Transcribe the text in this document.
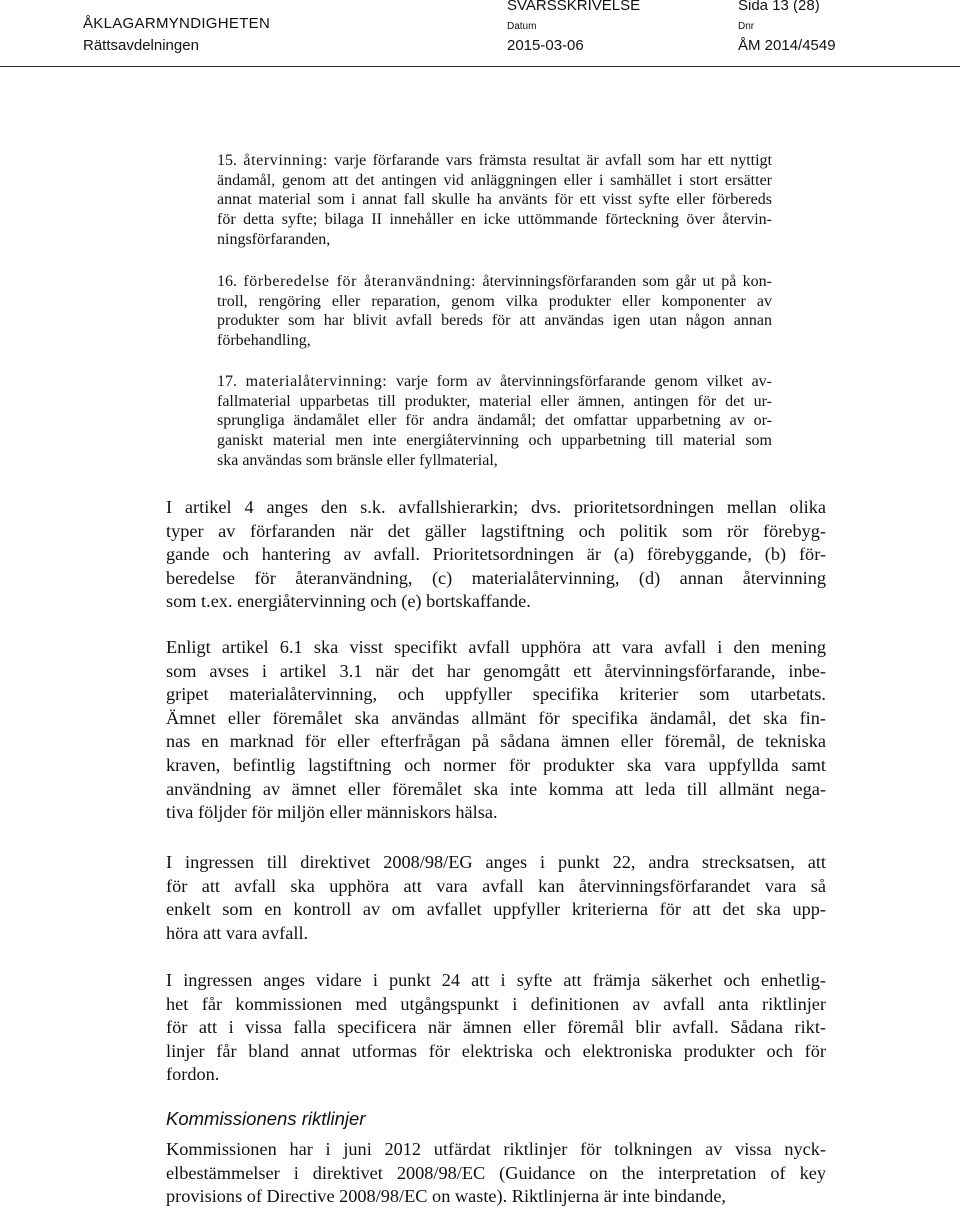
ÅKLAGARMYNDIGHETEN
Rättsavdelningen
SVARSSKRIVELSE	Sida 13 (28)
Datum	Dnr
2015-03-06	ÅM 2014/4549
15. återvinning: varje förfarande vars främsta resultat är avfall som har ett nyttigt
ändamål, genom att det antingen vid anläggningen eller i samhället i stort ersätter
annat material som i annat fall skulle ha använts för ett visst syfte eller förbereds
för detta syfte; bilaga II innehåller en icke uttömmande förteckning över återvin-
ningsförfaranden,
16. förberedelse för återanvändning: återvinningsförfaranden som går ut på kon-
troll, rengöring eller reparation, genom vilka produkter eller komponenter av
produkter som har blivit avfall bereds för att användas igen utan någon annan
förbehandling,
17. materialåtervinning: varje form av återvinningsförfarande genom vilket av-
fallmaterial upparbetas till produkter, material eller ämnen, antingen för det ur-
sprungliga ändamålet eller för andra ändamål; det omfattar upparbetning av or-
ganiskt material men inte energiåtervinning och upparbetning till material som
ska användas som bränsle eller fyllmaterial,
I artikel 4 anges den s.k. avfallshierarkin; dvs. prioritetsordningen mellan olika
typer av förfaranden när det gäller lagstiftning och politik som rör förebyg-
gande och hantering av avfall. Prioritetsordningen är (a) förebyggande, (b) för-
beredelse för återanvändning, (c) materialåtervinning, (d) annan återvinning
som t.ex. energiåtervinning och (e) bortskaffande.
Enligt artikel 6.1 ska visst specifikt avfall upphöra att vara avfall i den mening
som avses i artikel 3.1 när det har genomgått ett återvinningsförfarande, inbe-
gripet materialåtervinning, och uppfyller specifika kriterier som utarbetats.
Ämnet eller föremålet ska användas allmänt för specifika ändamål, det ska fin-
nas en marknad för eller efterfrågan på sådana ämnen eller föremål, de tekniska
kraven, befintlig lagstiftning och normer för produkter ska vara uppfyllda samt
användning av ämnet eller föremålet ska inte komma att leda till allmänt nega-
tiva följder för miljön eller människors hälsa.
I ingressen till direktivet 2008/98/EG anges i punkt 22, andra strecksatsen, att
för att avfall ska upphöra att vara avfall kan återvinningsförfarandet vara så
enkelt som en kontroll av om avfallet uppfyller kriterierna för att det ska upp-
höra att vara avfall.
I ingressen anges vidare i punkt 24 att i syfte att främja säkerhet och enhetlig-
het får kommissionen med utgångspunkt i definitionen av avfall anta riktlinjer
för att i vissa falla specificera när ämnen eller föremål blir avfall. Sådana rikt-
linjer får bland annat utformas för elektriska och elektroniska produkter och för
fordon.
Kommissionens riktlinjer
Kommissionen har i juni 2012 utfärdat riktlinjer för tolkningen av vissa nyck-
elbestämmelser i direktivet 2008/98/EC (Guidance on the interpretation of key
provisions of Directive 2008/98/EC on waste). Riktlinjerna är inte bindande,
